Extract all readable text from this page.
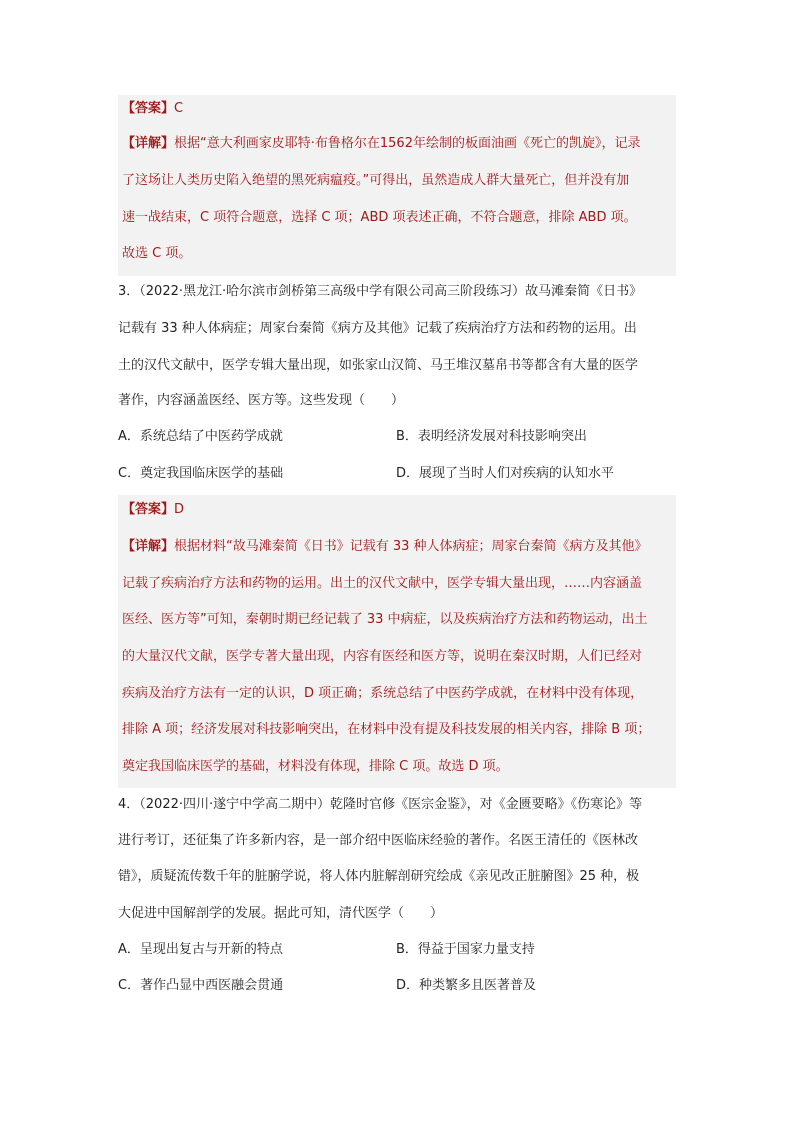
【答案】C
【详解】根据“意大利画家皮耶特·布鲁格尔在1562年绘制的板面油画《死亡的凯旋》，记录
了这场让人类历史陷入绝望的黑死病瘟疫。”可得出，虽然造成人群大量死亡，但并没有加
速一战结束，C 项符合题意，选择 C 项；ABD 项表述正确，不符合题意，排除 ABD 项。
故选 C 项。
3．（2022·黑龙江·哈尔滨市剑桥第三高级中学有限公司高三阶段练习）故马滩秦简《日书》
记载有 33 种人体病症；周家台秦简《病方及其他》记载了疾病治疗方法和药物的运用。出
土的汉代文献中，医学专辑大量出现，如张家山汉简、马王堆汉墓帛书等都含有大量的医学
著作，内容涵盖医经、医方等。这些发现（　　）
A．系统总结了中医药学成就	B．表明经济发展对科技影响突出
C．奠定我国临床医学的基础	D．展现了当时人们对疾病的认知水平
【答案】D
【详解】根据材料“故马滩秦简《日书》记载有 33 种人体病症；周家台秦简《病方及其他》
记载了疾病治疗方法和药物的运用。出土的汉代文献中，医学专辑大量出现，……内容涵盖
医经、医方等”可知，秦朝时期已经记载了 33 中病症，以及疾病治疗方法和药物运动，出土
的大量汉代文献，医学专著大量出现，内容有医经和医方等，说明在秦汉时期，人们已经对
疾病及治疗方法有一定的认识，D 项正确；系统总结了中医药学成就，在材料中没有体现，
排除 A 项；经济发展对科技影响突出，在材料中没有提及科技发展的相关内容，排除 B 项；
奠定我国临床医学的基础，材料没有体现，排除 C 项。故选 D 项。
4．（2022·四川·遂宁中学高二期中）乾隆时官修《医宗金鉴》，对《金匮要略》《伤寒论》等
进行考订，还征集了许多新内容，是一部介绍中医临床经验的著作。名医王清任的《医林改
错》，质疑流传数千年的脏腑学说，将人体内脏解剖研究绘成《亲见改正脏腑图》25 种，极
大促进中国解剖学的发展。据此可知，清代医学（　　）
A．呈现出复古与开新的特点	B．得益于国家力量支持
C．著作凸显中西医融会贯通	D．种类繁多且医著普及
